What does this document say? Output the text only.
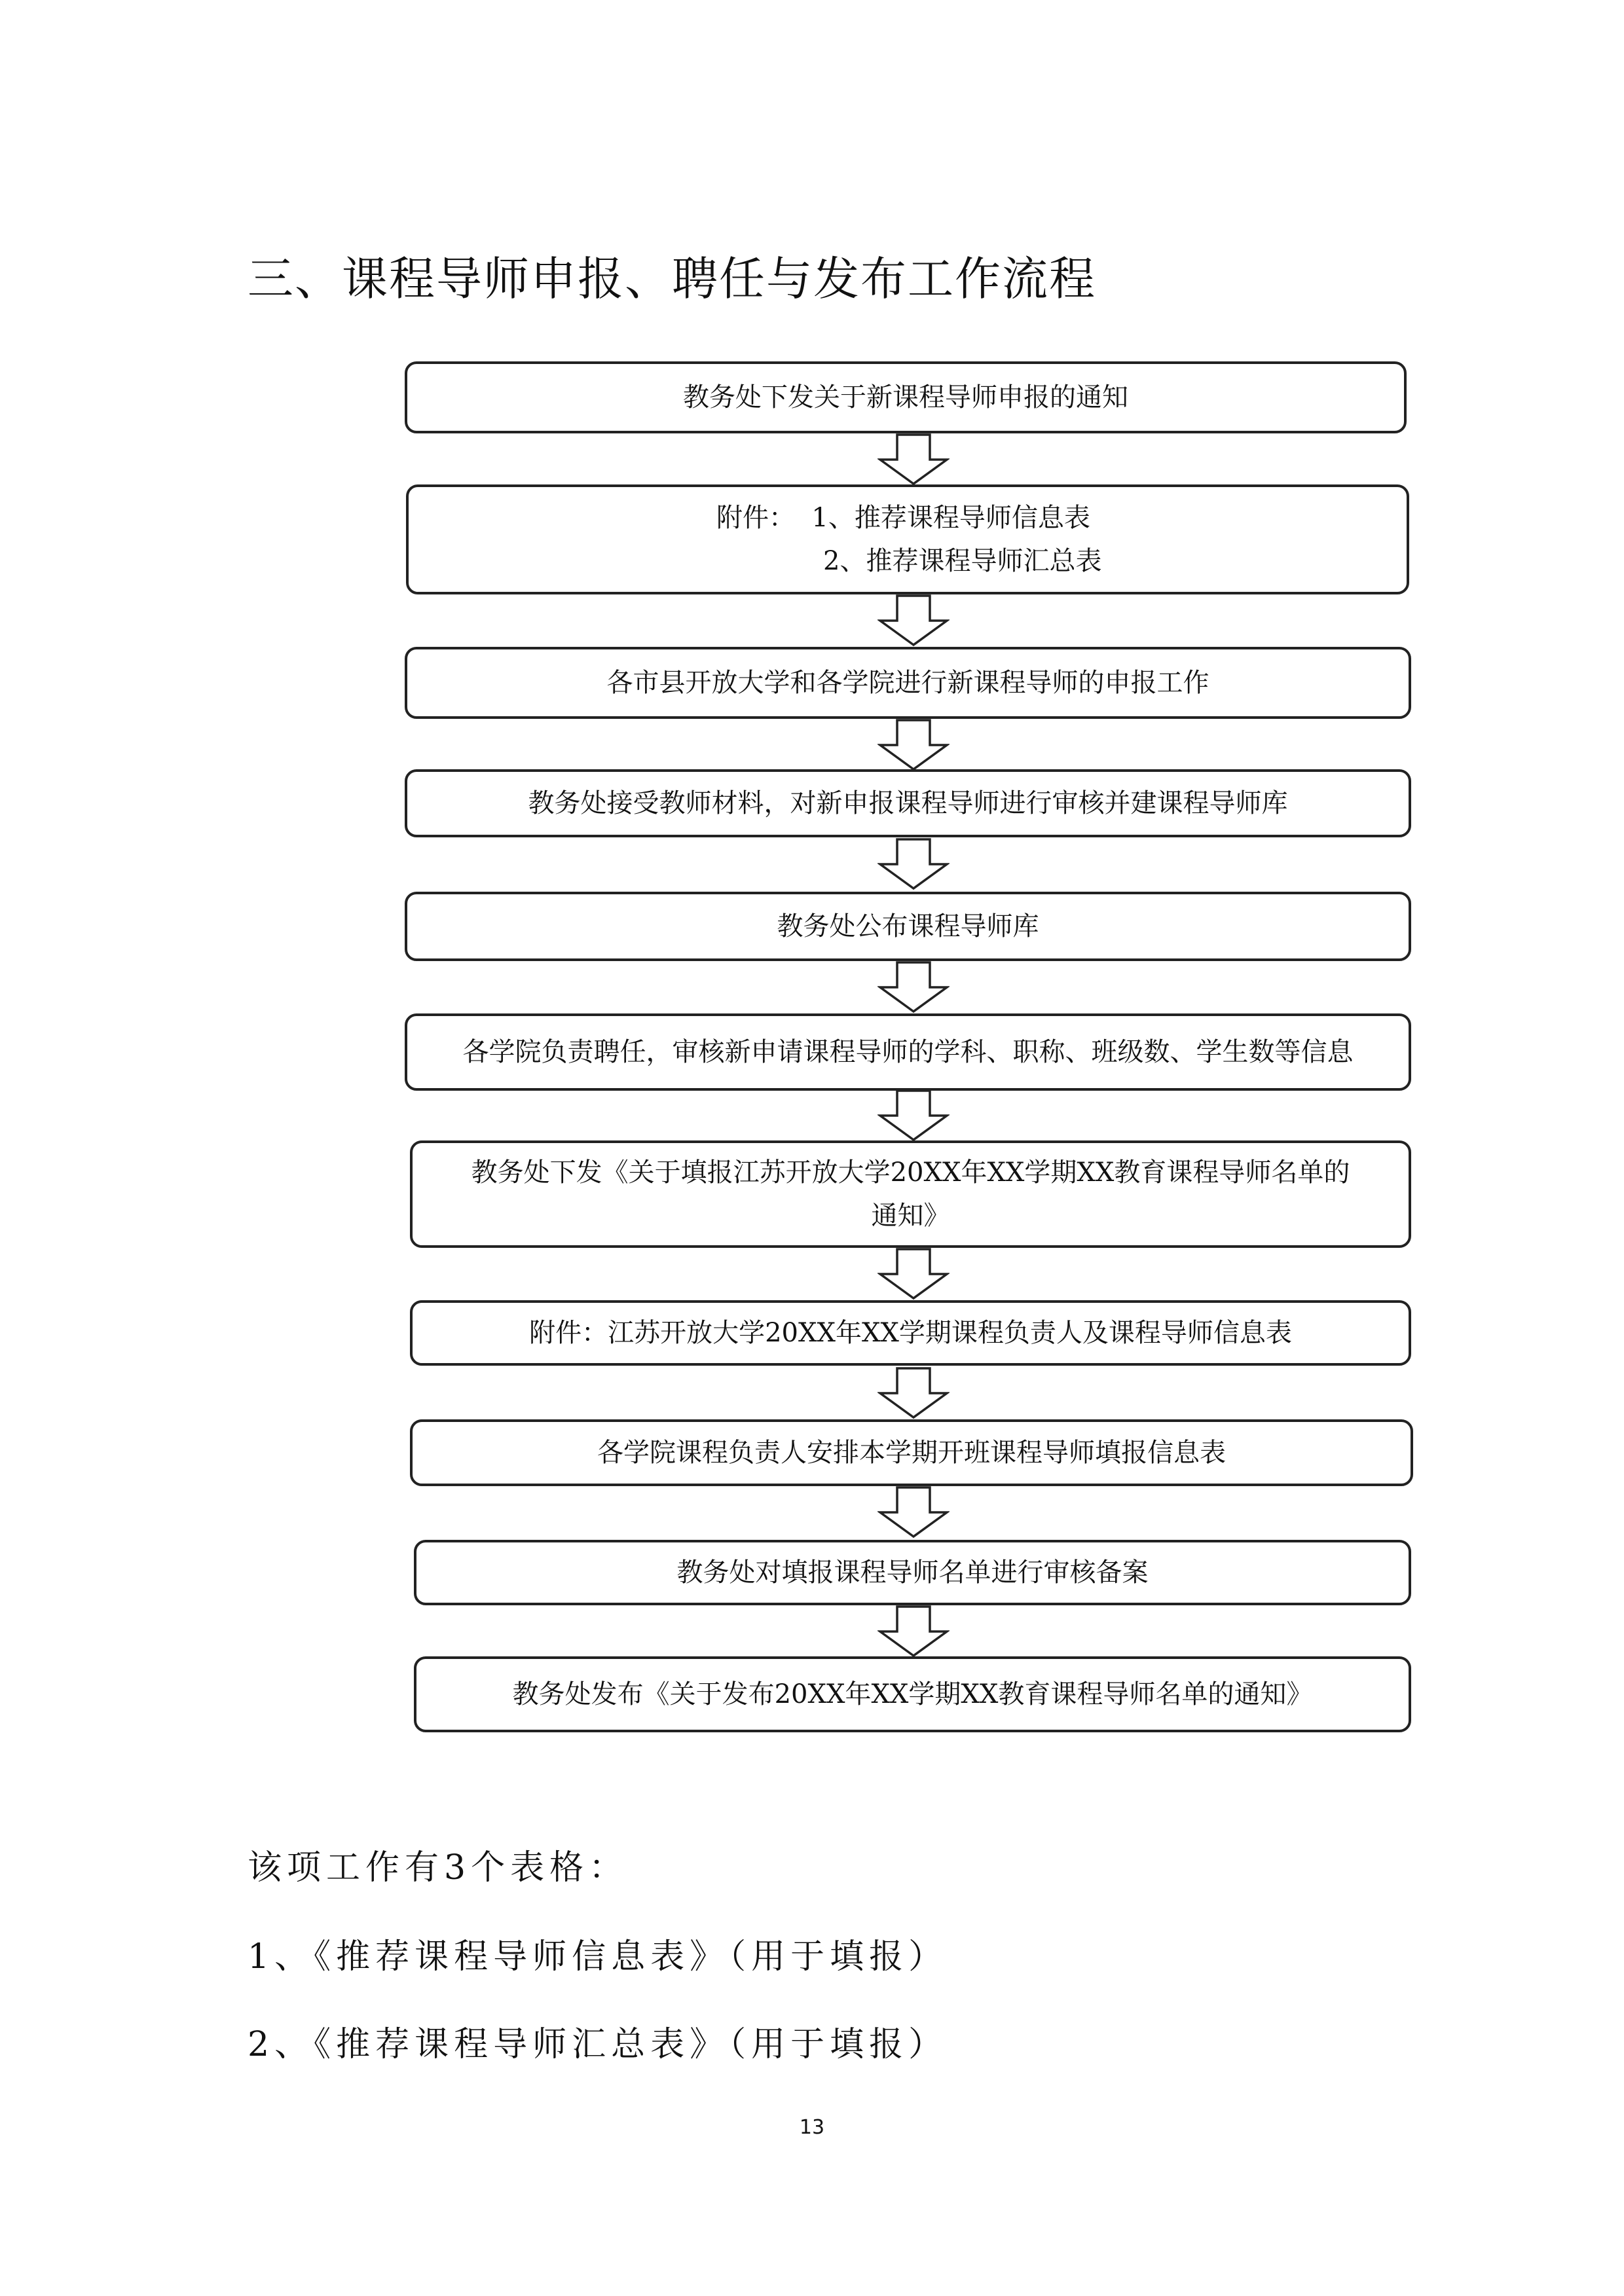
三、课程导师申报、聘任与发布工作流程
教务处下发关于新课程导师申报的通知
附件：  1、推荐课程导师信息表
2、推荐课程导师汇总表
各市县开放大学和各学院进行新课程导师的申报工作
教务处接受教师材料，对新申报课程导师进行审核并建课程导师库
教务处公布课程导师库
各学院负责聘任，审核新申请课程导师的学科、职称、班级数、学生数等信息
教务处下发《关于填报江苏开放大学20XX年XX学期XX教育课程导师名单的
通知》
附件：江苏开放大学20XX年XX学期课程负责人及课程导师信息表
各学院课程负责人安排本学期开班课程导师填报信息表
教务处对填报课程导师名单进行审核备案
教务处发布《关于发布20XX年XX学期XX教育课程导师名单的通知》
该项工作有3个表格：
1、《推荐课程导师信息表》（用于填报）
2、《推荐课程导师汇总表》（用于填报）
13
